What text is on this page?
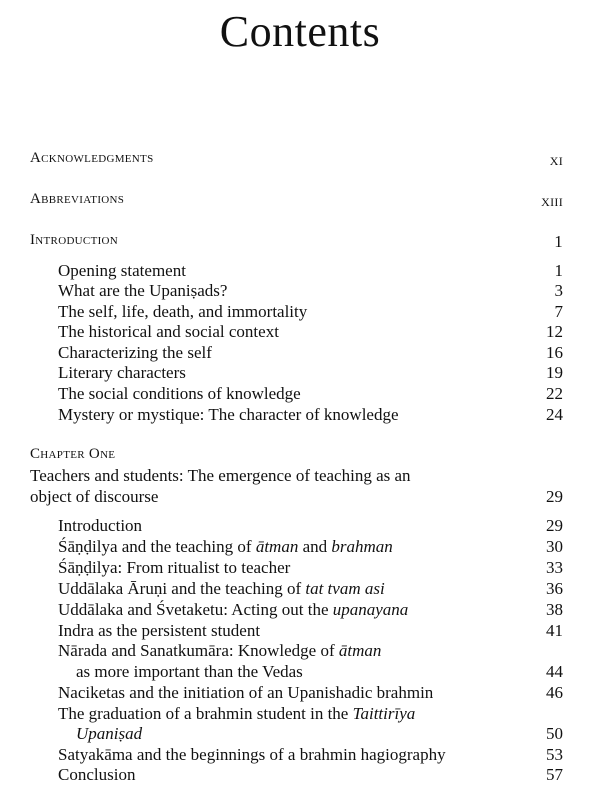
Contents
Acknowledgments	xi
Abbreviations	xiii
Introduction	1
Opening statement	1
What are the Upaniṣads?	3
The self, life, death, and immortality	7
The historical and social context	12
Characterizing the self	16
Literary characters	19
The social conditions of knowledge	22
Mystery or mystique: The character of knowledge	24
Chapter One
Teachers and students: The emergence of teaching as an
object of discourse	29
Introduction	29
Śāṇḍilya and the teaching of ātman and brahman	30
Śāṇḍilya: From ritualist to teacher	33
Uddālaka Āruṇi and the teaching of tat tvam asi	36
Uddālaka and Śvetaketu: Acting out the upanayana	38
Indra as the persistent student	41
Nārada and Sanatkumāra: Knowledge of ātman
as more important than the Vedas	44
Naciketas and the initiation of an Upanishadic brahmin	46
The graduation of a brahmin student in the Taittirīya
Upaniṣad	50
Satyakāma and the beginnings of a brahmin hagiography	53
Conclusion	57
